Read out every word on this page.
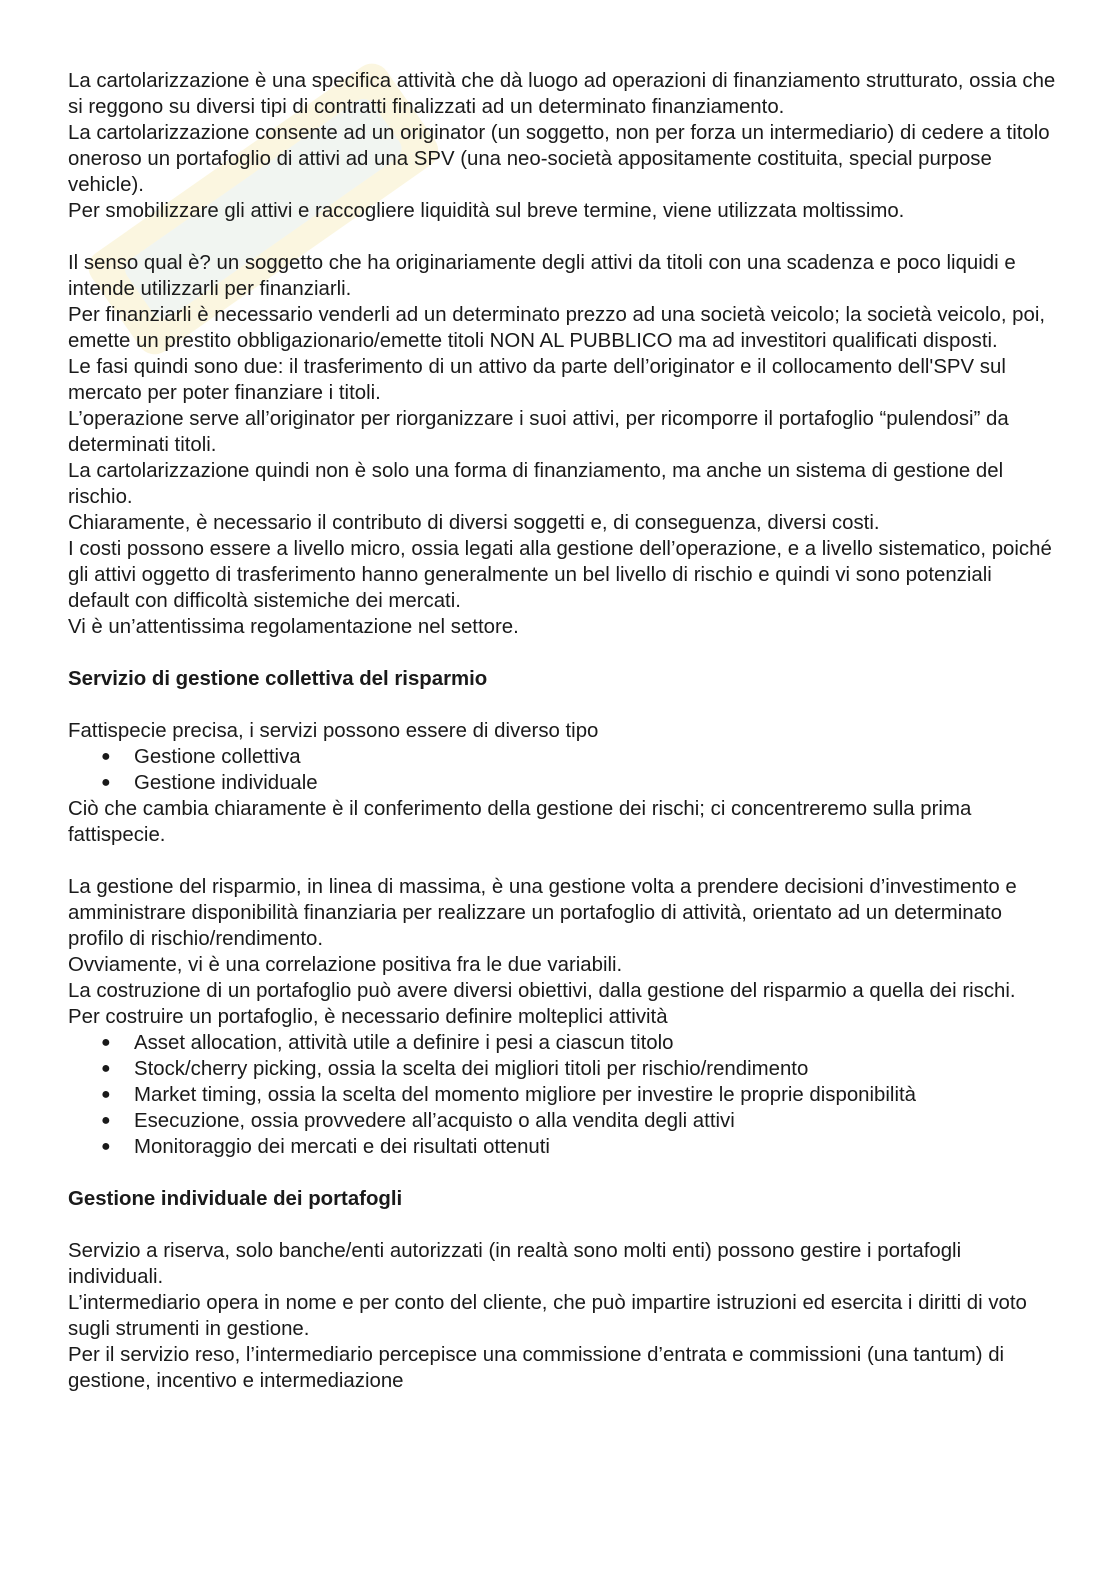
La cartolarizzazione è una specifica attività che dà luogo ad operazioni di finanziamento strutturato, ossia che si reggono su diversi tipi di contratti finalizzati ad un determinato finanziamento.

La cartolarizzazione consente ad un originator (un soggetto, non per forza un intermediario) di cedere a titolo oneroso un portafoglio di attivi ad una SPV (una neo-società appositamente costituita, special purpose vehicle).

Per smobilizzare gli attivi e raccogliere liquidità sul breve termine, viene utilizzata moltissimo.

Il senso qual è? un soggetto che ha originariamente degli attivi da titoli con una scadenza e poco liquidi e intende utilizzarli per finanziarli.

Per finanziarli è necessario venderli ad un determinato prezzo ad una società veicolo; la società veicolo, poi, emette un prestito obbligazionario/emette titoli NON AL PUBBLICO ma ad investitori qualificati disposti.

Le fasi quindi sono due: il trasferimento di un attivo da parte dell’originator e il collocamento dell'SPV sul mercato per poter finanziare i titoli.

L’operazione serve all’originator per riorganizzare i suoi attivi, per ricomporre il portafoglio “pulendosi” da determinati titoli.

La cartolarizzazione quindi non è solo una forma di finanziamento, ma anche un sistema di gestione del rischio.

Chiaramente, è necessario il contributo di diversi soggetti e, di conseguenza, diversi costi.

I costi possono essere a livello micro, ossia legati alla gestione dell’operazione, e a livello sistematico, poiché gli attivi oggetto di trasferimento hanno generalmente un bel livello di rischio e quindi vi sono potenziali default con difficoltà sistemiche dei mercati.

Vi è un’attentissima regolamentazione nel settore.

Servizio di gestione collettiva del risparmio

Fattispecie precisa, i servizi possono essere di diverso tipo

● Gestione collettiva
● Gestione individuale

Ciò che cambia chiaramente è il conferimento della gestione dei rischi; ci concentreremo sulla prima fattispecie.

La gestione del risparmio, in linea di massima, è una gestione volta a prendere decisioni d’investimento e amministrare disponibilità finanziaria per realizzare un portafoglio di attività, orientato ad un determinato profilo di rischio/rendimento.

Ovviamente, vi è una correlazione positiva fra le due variabili.

La costruzione di un portafoglio può avere diversi obiettivi, dalla gestione del risparmio a quella dei rischi.

Per costruire un portafoglio, è necessario definire molteplici attività

● Asset allocation, attività utile a definire i pesi a ciascun titolo
● Stock/cherry picking, ossia la scelta dei migliori titoli per rischio/rendimento
● Market timing, ossia la scelta del momento migliore per investire le proprie disponibilità
● Esecuzione, ossia provvedere all’acquisto o alla vendita degli attivi
● Monitoraggio dei mercati e dei risultati ottenuti
Gestione individuale dei portafogli

Servizio a riserva, solo banche/enti autorizzati (in realtà sono molti enti) possono gestire i portafogli individuali.

L’intermediario opera in nome e per conto del cliente, che può impartire istruzioni ed esercita i diritti di voto sugli strumenti in gestione.

Per il servizio reso, l’intermediario percepisce una commissione d’entrata e commissioni (una tantum) di gestione, incentivo e intermediazione
